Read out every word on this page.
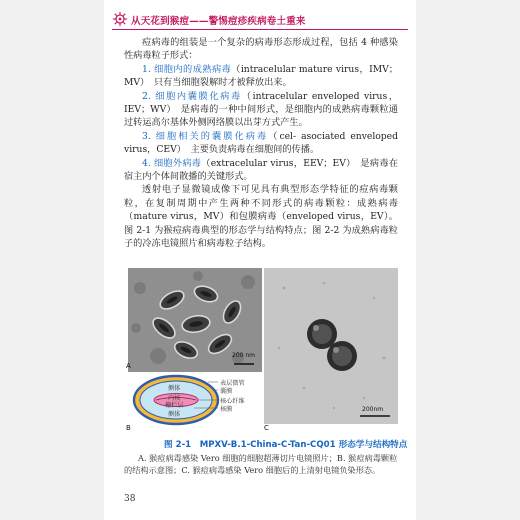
从天花到猴痘——警惕痘疹疾病卷土重来

痘病毒的组装是一个复杂的病毒形态形成过程，包括 4 种感染性病毒粒子形式：

1. 细胞内的成熟病毒（intracelular mature virus，IMV；MV）　只有当细胞裂解时才被释放出来。

2. 细胞内囊膜化病毒（intracelular enveloped virus，IEV；WV）　是病毒的一种中间形式，是细胞内的成熟病毒颗粒通过转运高尔基体外侧网络膜以出芽方式产生。

3. 细胞相关的囊膜化病毒（cel- asociated enveloped virus，CEV）　主要负责病毒在细胞间的传播。

4. 细胞外病毒（extracelular virus，EEV；EV）　是病毒在宿主内个体间散播的关键形式。

透射电子显微镜成像下可见具有典型形态学特征的痘病毒颗粒，在复制周期中产生两种不同形式的病毒颗粒：成熟病毒（mature virus，MV）和包膜病毒（enveloped virus，EV）。图 2-1 为猴痘病毒典型的形态学与结构特点；图 2-2 为成熟病毒粒子的冷冻电镜照片和病毒粒子结构。

200 nm
A
侧体
内核
栅栏层
侧体
表层微管
囊膜
核心纤维
核膜
B
200nm
C
图 2-1　MPXV-B.1-China-C-Tan-CQ01 形态学与结构特点
A. 猴痘病毒感染 Vero 细胞的细胞超薄切片电镜照片；B. 猴痘病毒颗粒的结构示意图；C. 猴痘病毒感染 Vero 细胞后的上清射电镜负染形态。
38
